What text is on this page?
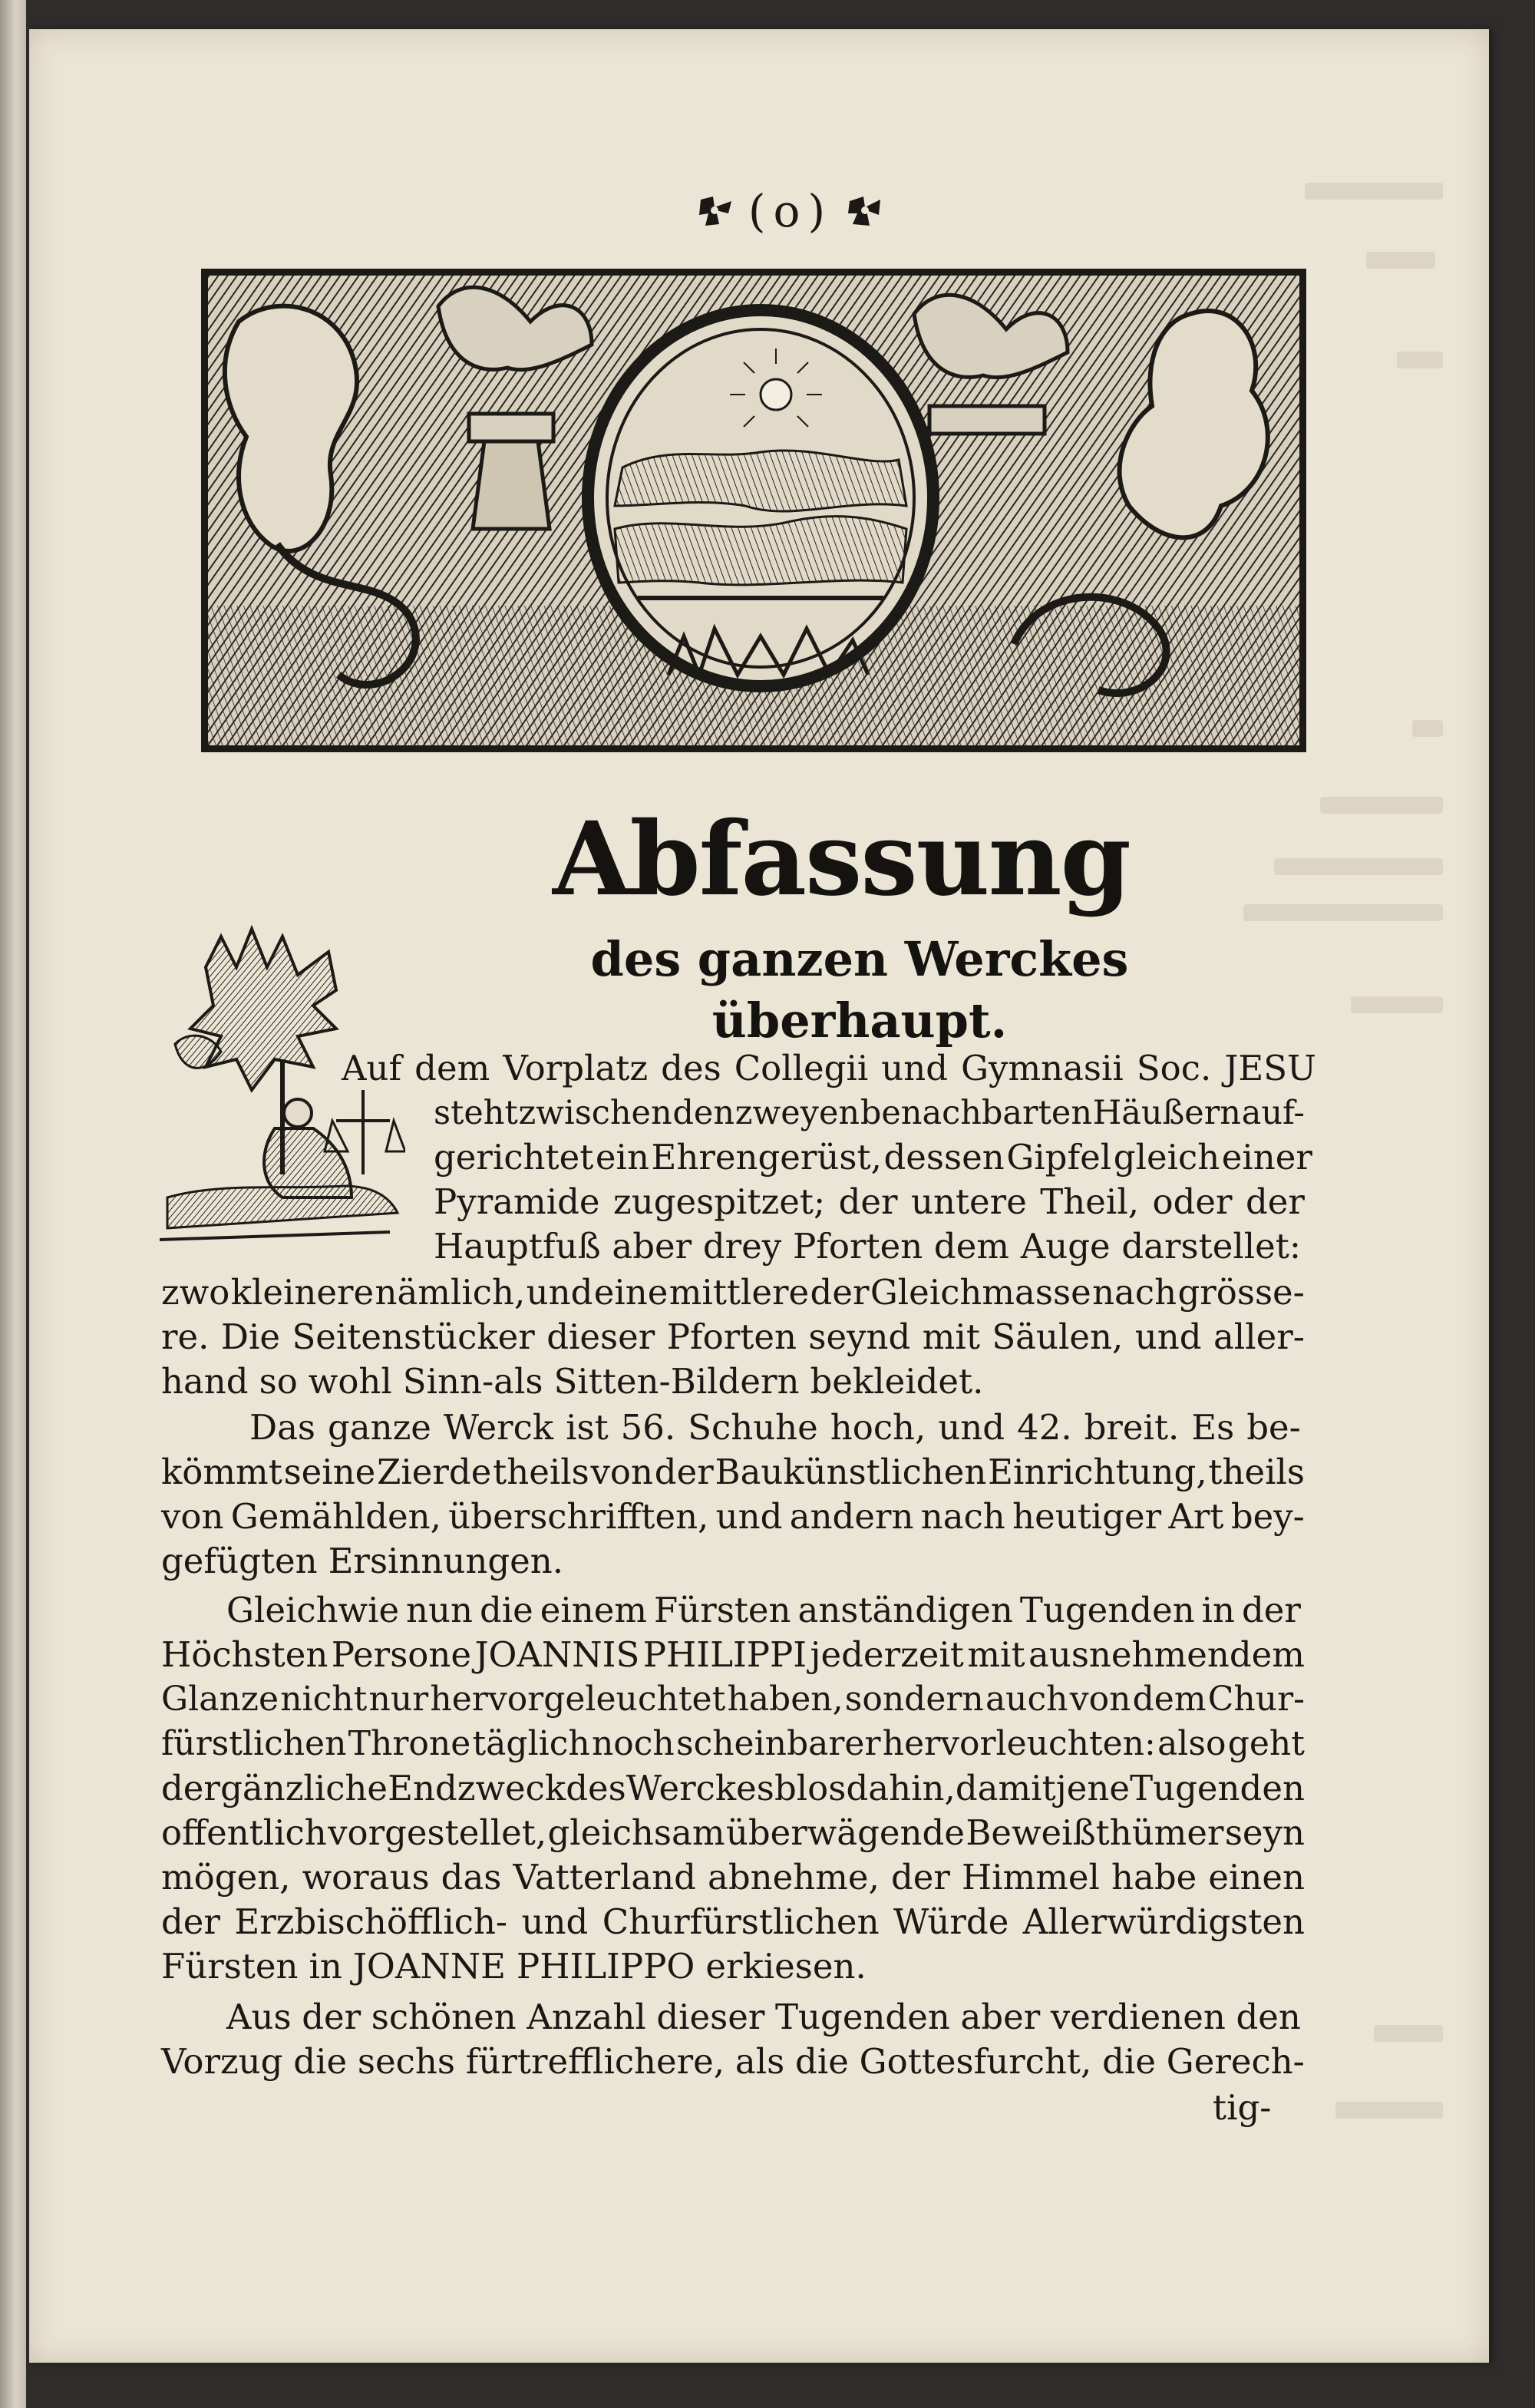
(o)
Abfassung
des ganzen Werckes überhaupt.
Auf dem Vorplatz des Collegii und Gymnasii Soc. JESU
steht zwischen den zweyen benachbarten Häußern auf-
gerichtet ein Ehrengerüst, dessen Gipfel gleich einer
Pyramide zugespitzet; der untere Theil, oder der
Hauptfuß aber drey Pforten dem Auge darstellet:
zwo kleinere nämlich, und eine mittlere der Gleichmasse nach grösse-
re. Die Seitenstücker dieser Pforten seynd mit Säulen, und aller-
hand so wohl Sinn-als Sitten-Bildern bekleidet.
Das ganze Werck ist 56. Schuhe hoch, und 42. breit. Es be-
kömmt seine Zierde theils von der Baukünstlichen Einrichtung, theils
von Gemählden, überschrifften, und andern nach heutiger Art bey-
gefügten Ersinnungen.
Gleichwie nun die einem Fürsten anständigen Tugenden in der
Höchsten Persone JOANNIS PHILIPPI jederzeit mit ausnehmendem
Glanze nicht nur hervorgeleuchtet haben, sondern auch von dem Chur-
fürstlichen Throne täglich noch scheinbarer hervorleuchten: also geht
der gänzliche Endzweck des Werckes blos dahin, damit jene Tugenden
offentlich vorgestellet, gleichsam überwägende Beweißthümer seyn
mögen, woraus das Vatterland abnehme, der Himmel habe einen
der Erzbischöfflich- und Churfürstlichen Würde Allerwürdigsten
Fürsten in JOANNE PHILIPPO erkiesen.
Aus der schönen Anzahl dieser Tugenden aber verdienen den
Vorzug die sechs fürtrefflichere, als die Gottesfurcht, die Gerech-
tig-
